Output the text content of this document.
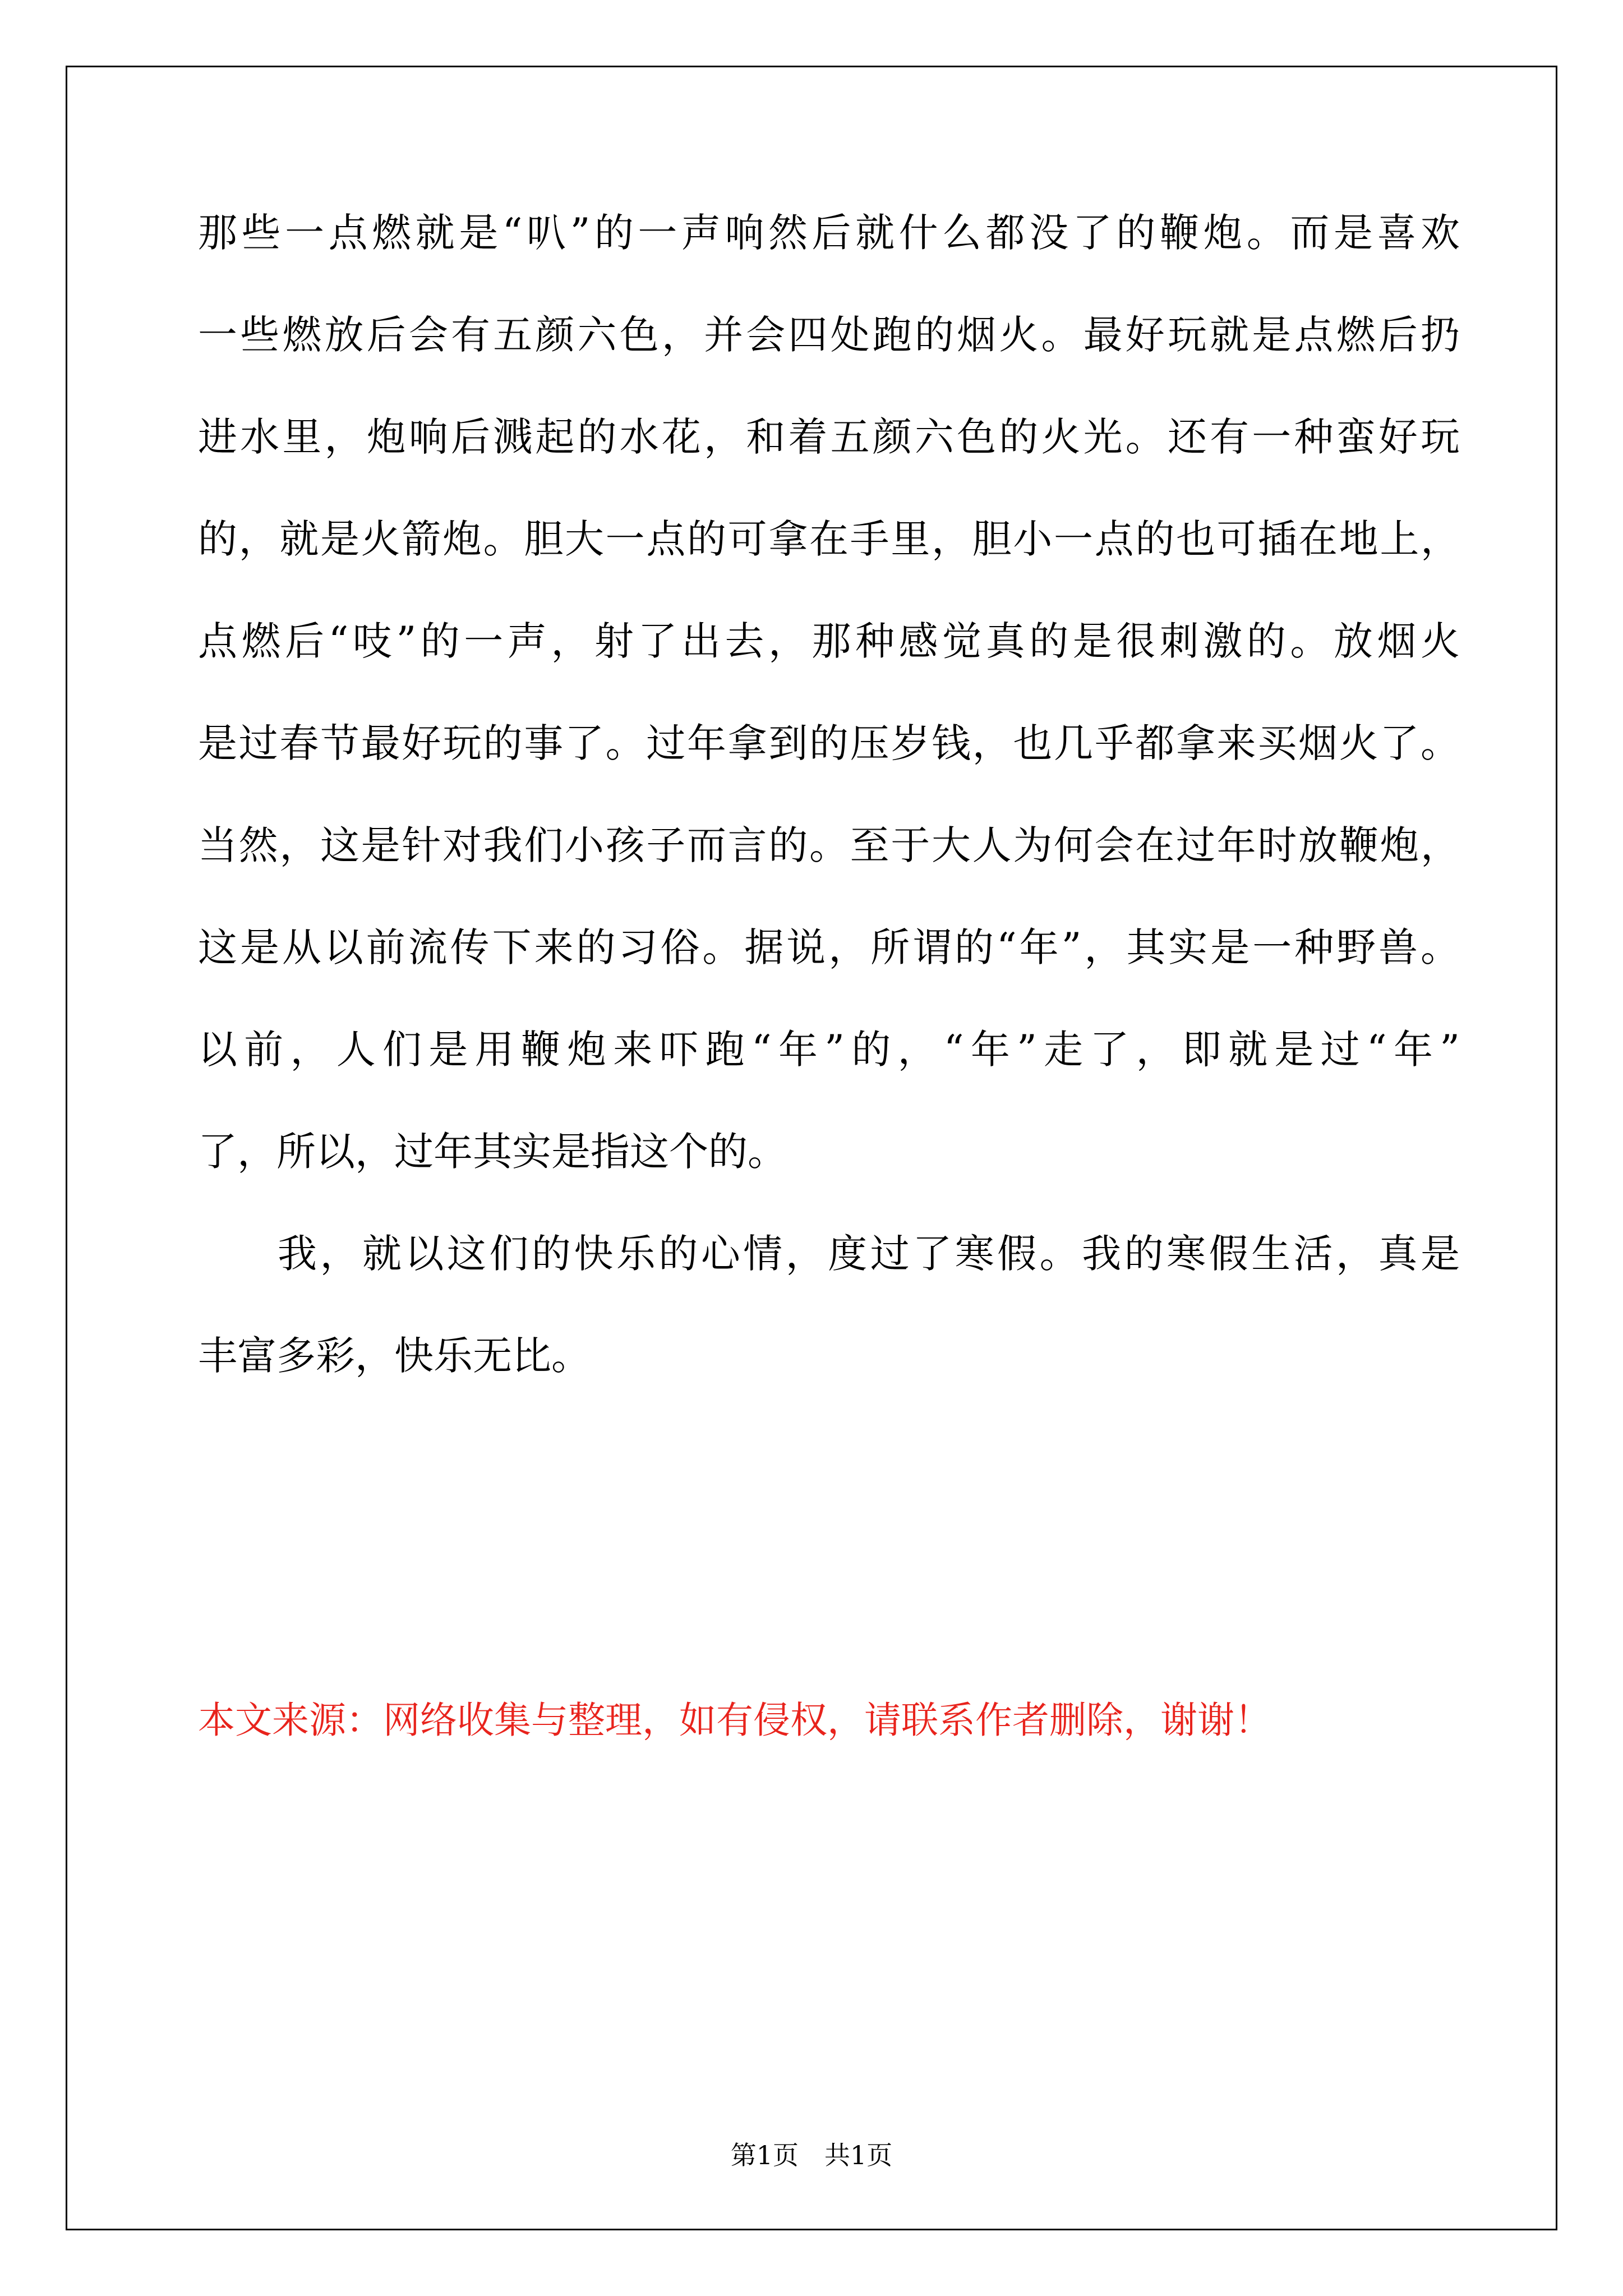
那些一点燃就是“叭”的一声响然后就什么都没了的鞭炮。而是喜欢
一些燃放后会有五颜六色，并会四处跑的烟火。最好玩就是点燃后扔
进水里，炮响后溅起的水花，和着五颜六色的火光。还有一种蛮好玩
的，就是火箭炮。胆大一点的可拿在手里，胆小一点的也可插在地上，
点燃后“吱”的一声，射了出去，那种感觉真的是很刺激的。放烟火
是过春节最好玩的事了。过年拿到的压岁钱，也几乎都拿来买烟火了。
当然，这是针对我们小孩子而言的。至于大人为何会在过年时放鞭炮，
这是从以前流传下来的习俗。据说，所谓的“年”，其实是一种野兽。
以前，人们是用鞭炮来吓跑“年”的，“年”走了，即就是过“年”
了，所以，过年其实是指这个的。
我，就以这们的快乐的心情，度过了寒假。我的寒假生活，真是
丰富多彩，快乐无比。
本文来源：网络收集与整理，如有侵权，请联系作者删除，谢谢！
第1页　共1页
